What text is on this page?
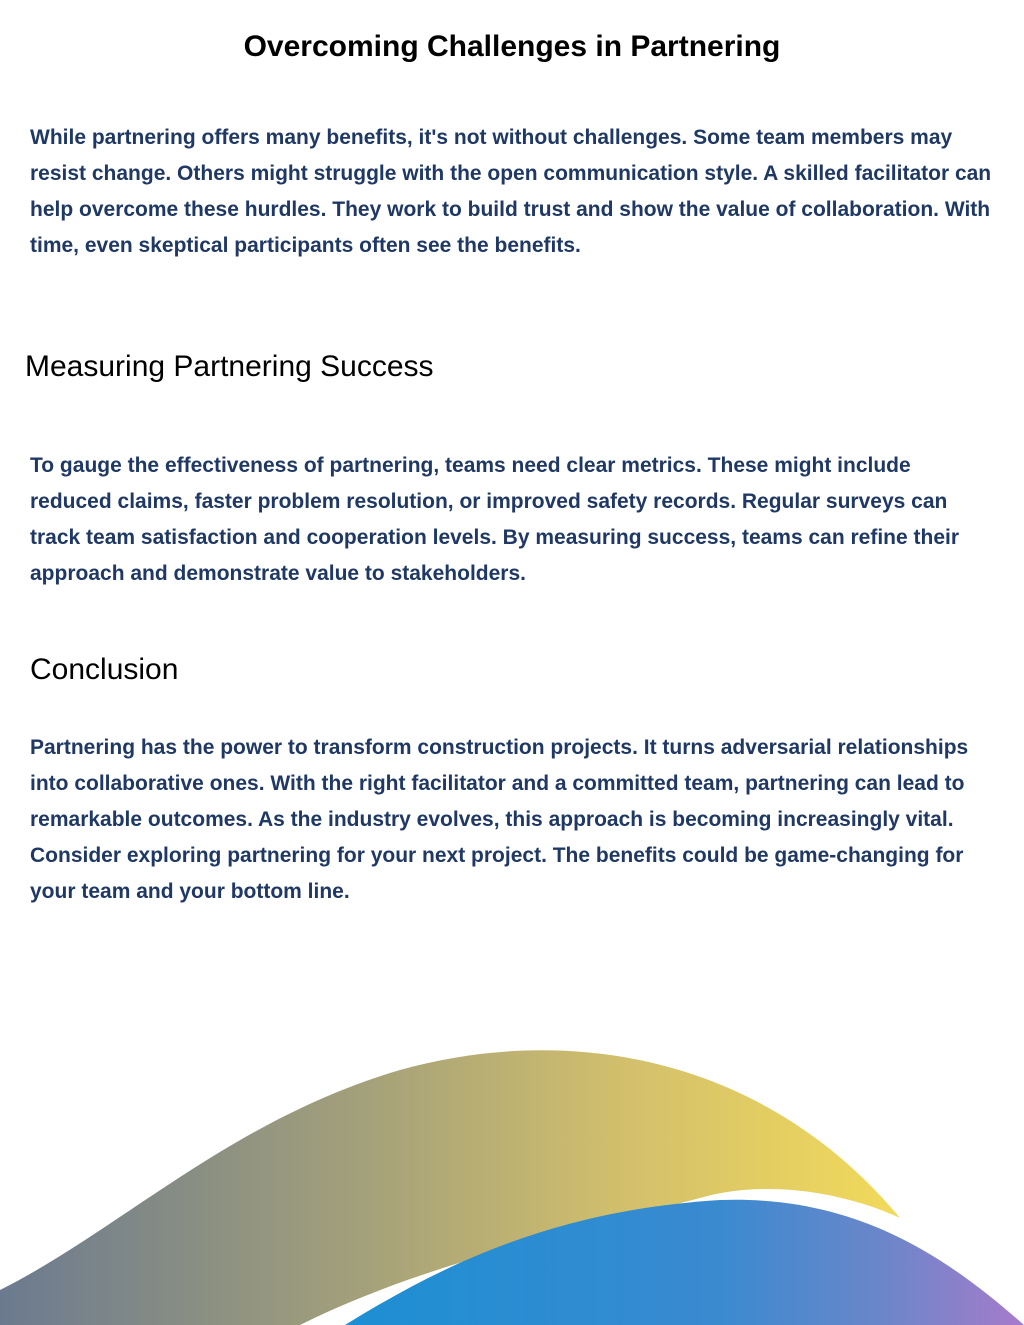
Overcoming Challenges in Partnering

While partnering offers many benefits, it's not without challenges. Some team members may resist change. Others might struggle with the open communication style. A skilled facilitator can help overcome these hurdles. They work to build trust and show the value of collaboration. With time, even skeptical participants often see the benefits.

Measuring Partnering Success

To gauge the effectiveness of partnering, teams need clear metrics. These might include reduced claims, faster problem resolution, or improved safety records. Regular surveys can track team satisfaction and cooperation levels. By measuring success, teams can refine their approach and demonstrate value to stakeholders.

Conclusion

Partnering has the power to transform construction projects. It turns adversarial relationships into collaborative ones. With the right facilitator and a committed team, partnering can lead to remarkable outcomes. As the industry evolves, this approach is becoming increasingly vital. Consider exploring partnering for your next project. The benefits could be game-changing for your team and your bottom line.
